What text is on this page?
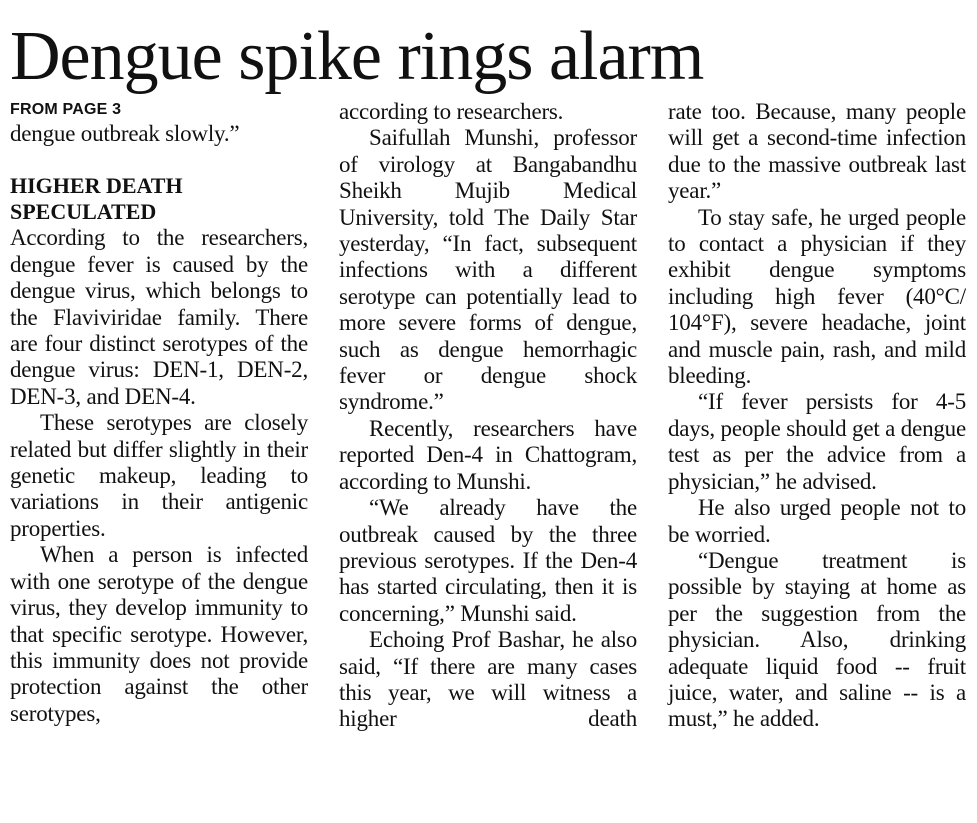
Dengue spike rings alarm
FROM PAGE 3

dengue outbreak slowly.”

HIGHER DEATH SPECULATED

According to the researchers, dengue fever is caused by the dengue virus, which belongs to the Flaviviridae family. There are four distinct serotypes of the dengue virus: DEN-1, DEN-2, DEN-3, and DEN-4.

These serotypes are closely related but differ slightly in their genetic makeup, leading to variations in their antigenic properties.

When a person is infected with one serotype of the dengue virus, they develop immunity to that specific serotype. However, this immunity does not provide protection against the other serotypes,

according to researchers.

Saifullah Munshi, professor of virology at Bangabandhu Sheikh Mujib Medical University, told The Daily Star yesterday, “In fact, subsequent infections with a different serotype can potentially lead to more severe forms of dengue, such as dengue hemorrhagic fever or dengue shock syndrome.”

Recently, researchers have reported Den-4 in Chattogram, according to Munshi.

“We already have the outbreak caused by the three previous serotypes. If the Den-4 has started circulating, then it is concerning,” Munshi said.

Echoing Prof Bashar, he also said, “If there are many cases this year, we will witness a higher death

rate too. Because, many people will get a second-time infection due to the massive outbreak last year.”

To stay safe, he urged people to contact a physician if they exhibit dengue symptoms including high fever (40°C/ 104°F), severe headache, joint and muscle pain, rash, and mild bleeding.

“If fever persists for 4-5 days, people should get a dengue test as per the advice from a physician,” he advised.

He also urged people not to be worried.

“Dengue treatment is possible by staying at home as per the suggestion from the physician. Also, drinking adequate liquid food -- fruit juice, water, and saline -- is a must,” he added.
